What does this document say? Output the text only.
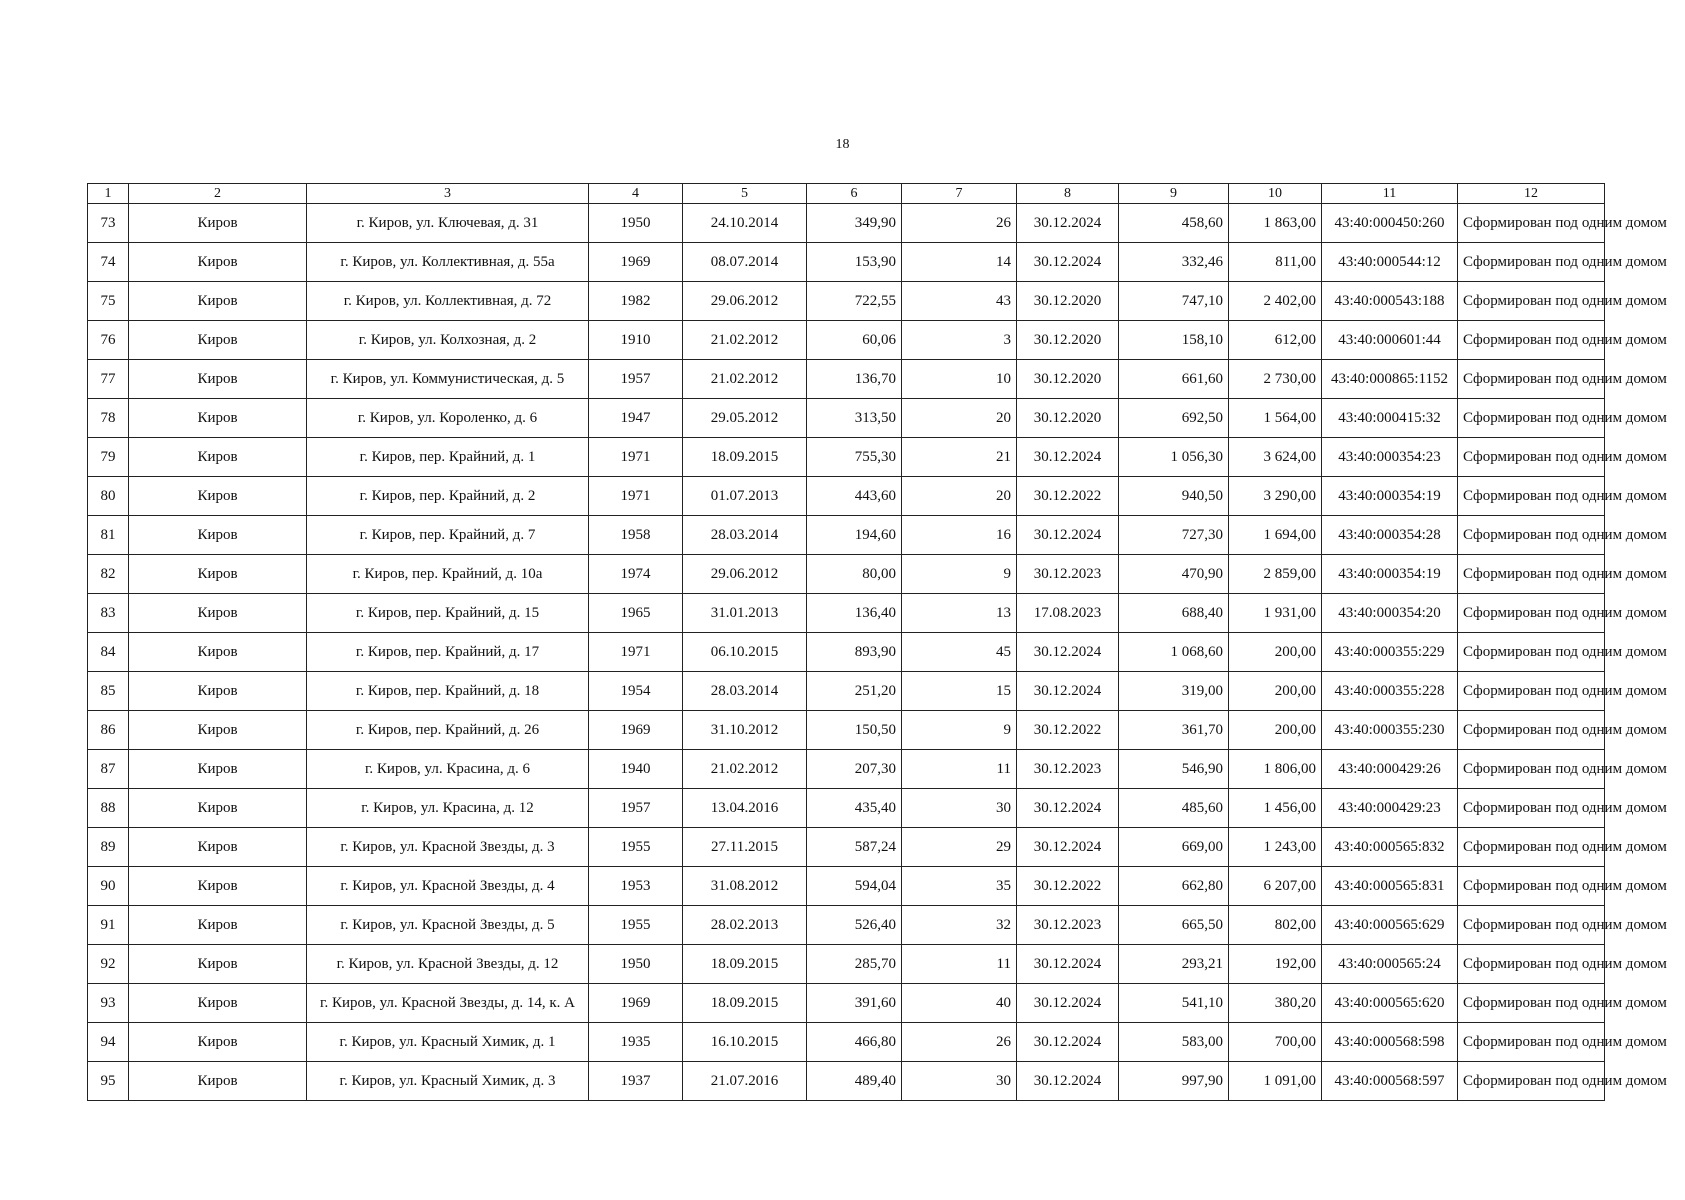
18
1	2	3	4	5	6	7	8	9	10	11	12
73	Киров	г. Киров, ул. Ключевая, д. 31	1950	24.10.2014	349,90	26	30.12.2024	458,60	1 863,00	43:40:000450:260	Сформирован под одним домом
74	Киров	г. Киров, ул. Коллективная, д. 55а	1969	08.07.2014	153,90	14	30.12.2024	332,46	811,00	43:40:000544:12	Сформирован под одним домом
75	Киров	г. Киров, ул. Коллективная, д. 72	1982	29.06.2012	722,55	43	30.12.2020	747,10	2 402,00	43:40:000543:188	Сформирован под одним домом
76	Киров	г. Киров, ул. Колхозная, д. 2	1910	21.02.2012	60,06	3	30.12.2020	158,10	612,00	43:40:000601:44	Сформирован под одним домом
77	Киров	г. Киров, ул. Коммунистическая, д. 5	1957	21.02.2012	136,70	10	30.12.2020	661,60	2 730,00	43:40:000865:1152	Сформирован под одним домом
78	Киров	г. Киров, ул. Короленко, д. 6	1947	29.05.2012	313,50	20	30.12.2020	692,50	1 564,00	43:40:000415:32	Сформирован под одним домом
79	Киров	г. Киров, пер. Крайний, д. 1	1971	18.09.2015	755,30	21	30.12.2024	1 056,30	3 624,00	43:40:000354:23	Сформирован под одним домом
80	Киров	г. Киров, пер. Крайний, д. 2	1971	01.07.2013	443,60	20	30.12.2022	940,50	3 290,00	43:40:000354:19	Сформирован под одним домом
81	Киров	г. Киров, пер. Крайний, д. 7	1958	28.03.2014	194,60	16	30.12.2024	727,30	1 694,00	43:40:000354:28	Сформирован под одним домом
82	Киров	г. Киров, пер. Крайний, д. 10а	1974	29.06.2012	80,00	9	30.12.2023	470,90	2 859,00	43:40:000354:19	Сформирован под одним домом
83	Киров	г. Киров, пер. Крайний, д. 15	1965	31.01.2013	136,40	13	17.08.2023	688,40	1 931,00	43:40:000354:20	Сформирован под одним домом
84	Киров	г. Киров, пер. Крайний, д. 17	1971	06.10.2015	893,90	45	30.12.2024	1 068,60	200,00	43:40:000355:229	Сформирован под одним домом
85	Киров	г. Киров, пер. Крайний, д. 18	1954	28.03.2014	251,20	15	30.12.2024	319,00	200,00	43:40:000355:228	Сформирован под одним домом
86	Киров	г. Киров, пер. Крайний, д. 26	1969	31.10.2012	150,50	9	30.12.2022	361,70	200,00	43:40:000355:230	Сформирован под одним домом
87	Киров	г. Киров, ул. Красина, д. 6	1940	21.02.2012	207,30	11	30.12.2023	546,90	1 806,00	43:40:000429:26	Сформирован под одним домом
88	Киров	г. Киров, ул. Красина, д. 12	1957	13.04.2016	435,40	30	30.12.2024	485,60	1 456,00	43:40:000429:23	Сформирован под одним домом
89	Киров	г. Киров, ул. Красной Звезды, д. 3	1955	27.11.2015	587,24	29	30.12.2024	669,00	1 243,00	43:40:000565:832	Сформирован под одним домом
90	Киров	г. Киров, ул. Красной Звезды, д. 4	1953	31.08.2012	594,04	35	30.12.2022	662,80	6 207,00	43:40:000565:831	Сформирован под одним домом
91	Киров	г. Киров, ул. Красной Звезды, д. 5	1955	28.02.2013	526,40	32	30.12.2023	665,50	802,00	43:40:000565:629	Сформирован под одним домом
92	Киров	г. Киров, ул. Красной Звезды, д. 12	1950	18.09.2015	285,70	11	30.12.2024	293,21	192,00	43:40:000565:24	Сформирован под одним домом
93	Киров	г. Киров, ул. Красной Звезды, д. 14, к. А	1969	18.09.2015	391,60	40	30.12.2024	541,10	380,20	43:40:000565:620	Сформирован под одним домом
94	Киров	г. Киров, ул. Красный Химик, д. 1	1935	16.10.2015	466,80	26	30.12.2024	583,00	700,00	43:40:000568:598	Сформирован под одним домом
95	Киров	г. Киров, ул. Красный Химик, д. 3	1937	21.07.2016	489,40	30	30.12.2024	997,90	1 091,00	43:40:000568:597	Сформирован под одним домом
